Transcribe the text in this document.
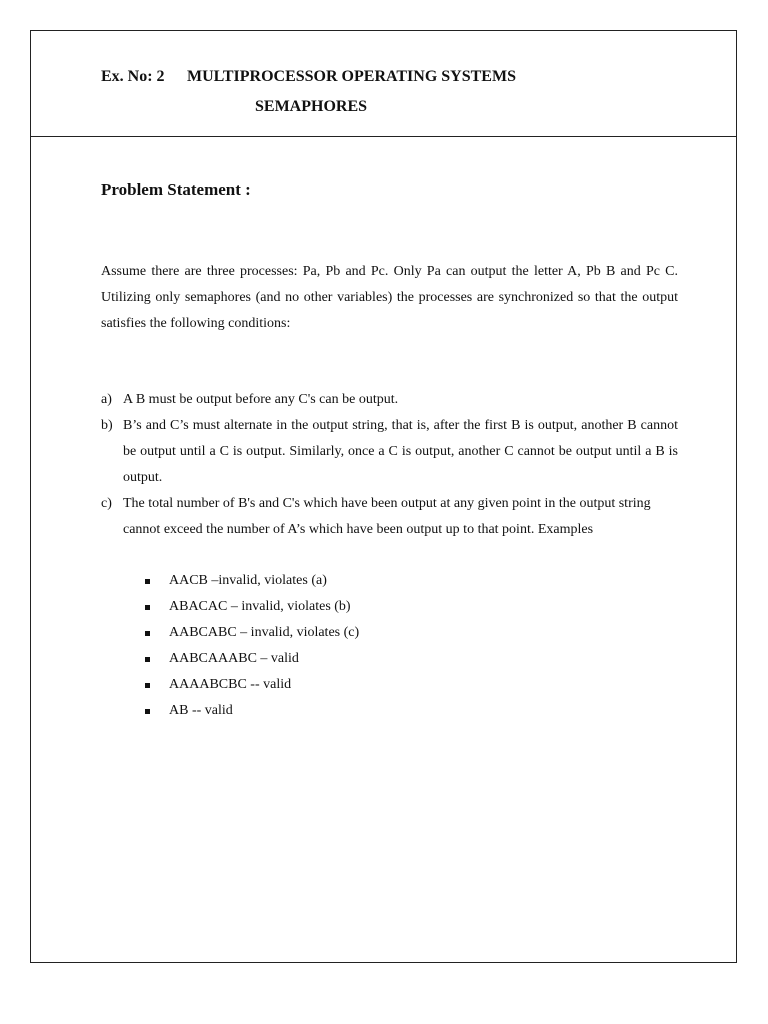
Ex. No: 2 MULTIPROCESSOR OPERATING SYSTEMS
SEMAPHORES
Problem Statement :

Assume there are three processes: Pa, Pb and Pc. Only Pa can output the letter A, Pb B and Pc C. Utilizing only semaphores (and no other variables) the processes are synchronized so that the output satisfies the following conditions:

a) A B must be output before any C's can be output.
b) B’s and C’s must alternate in the output string, that is, after the first B is output, another B cannot be output until a C is output. Similarly, once a C is output, another C cannot be output until a B is output.
c) The total number of B's and C's which have been output at any given point in the output string cannot exceed the number of A’s which have been output up to that point. Examples
AACB –invalid, violates (a)
ABACAC – invalid, violates (b)
AABCABC – invalid, violates (c)
AABCAAABC – valid
AAAABCBC -- valid
AB -- valid
